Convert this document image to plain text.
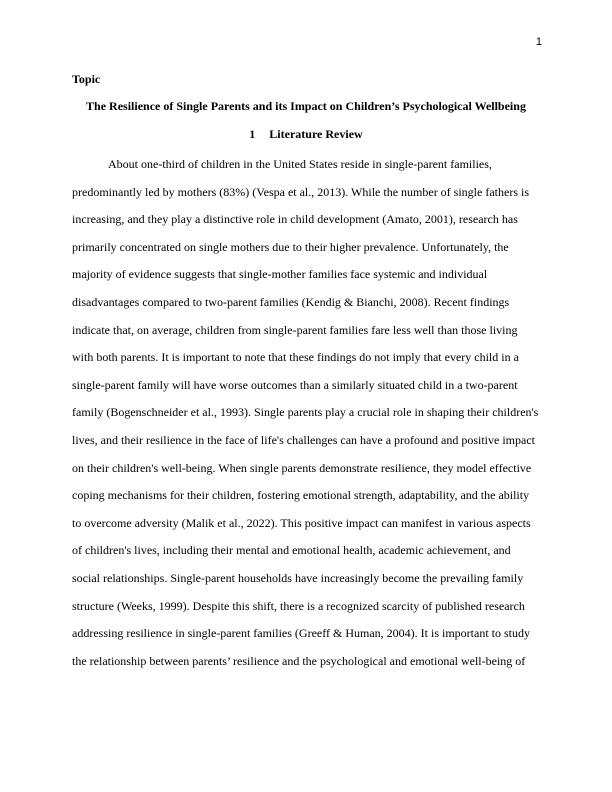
1
Topic
The Resilience of Single Parents and its Impact on Children’s Psychological Wellbeing
1 Literature Review
About one-third of children in the United States reside in single-parent families,
predominantly led by mothers (83%) (Vespa et al., 2013). While the number of single fathers is
increasing, and they play a distinctive role in child development (Amato, 2001), research has
primarily concentrated on single mothers due to their higher prevalence. Unfortunately, the
majority of evidence suggests that single-mother families face systemic and individual
disadvantages compared to two-parent families (Kendig & Bianchi, 2008). Recent findings
indicate that, on average, children from single-parent families fare less well than those living
with both parents. It is important to note that these findings do not imply that every child in a
single-parent family will have worse outcomes than a similarly situated child in a two-parent
family (Bogenschneider et al., 1993). Single parents play a crucial role in shaping their children's
lives, and their resilience in the face of life's challenges can have a profound and positive impact
on their children's well-being. When single parents demonstrate resilience, they model effective
coping mechanisms for their children, fostering emotional strength, adaptability, and the ability
to overcome adversity (Malik et al., 2022). This positive impact can manifest in various aspects
of children's lives, including their mental and emotional health, academic achievement, and
social relationships. Single-parent households have increasingly become the prevailing family
structure (Weeks, 1999). Despite this shift, there is a recognized scarcity of published research
addressing resilience in single-parent families (Greeff & Human, 2004). It is important to study
the relationship between parents’ resilience and the psychological and emotional well-being of
